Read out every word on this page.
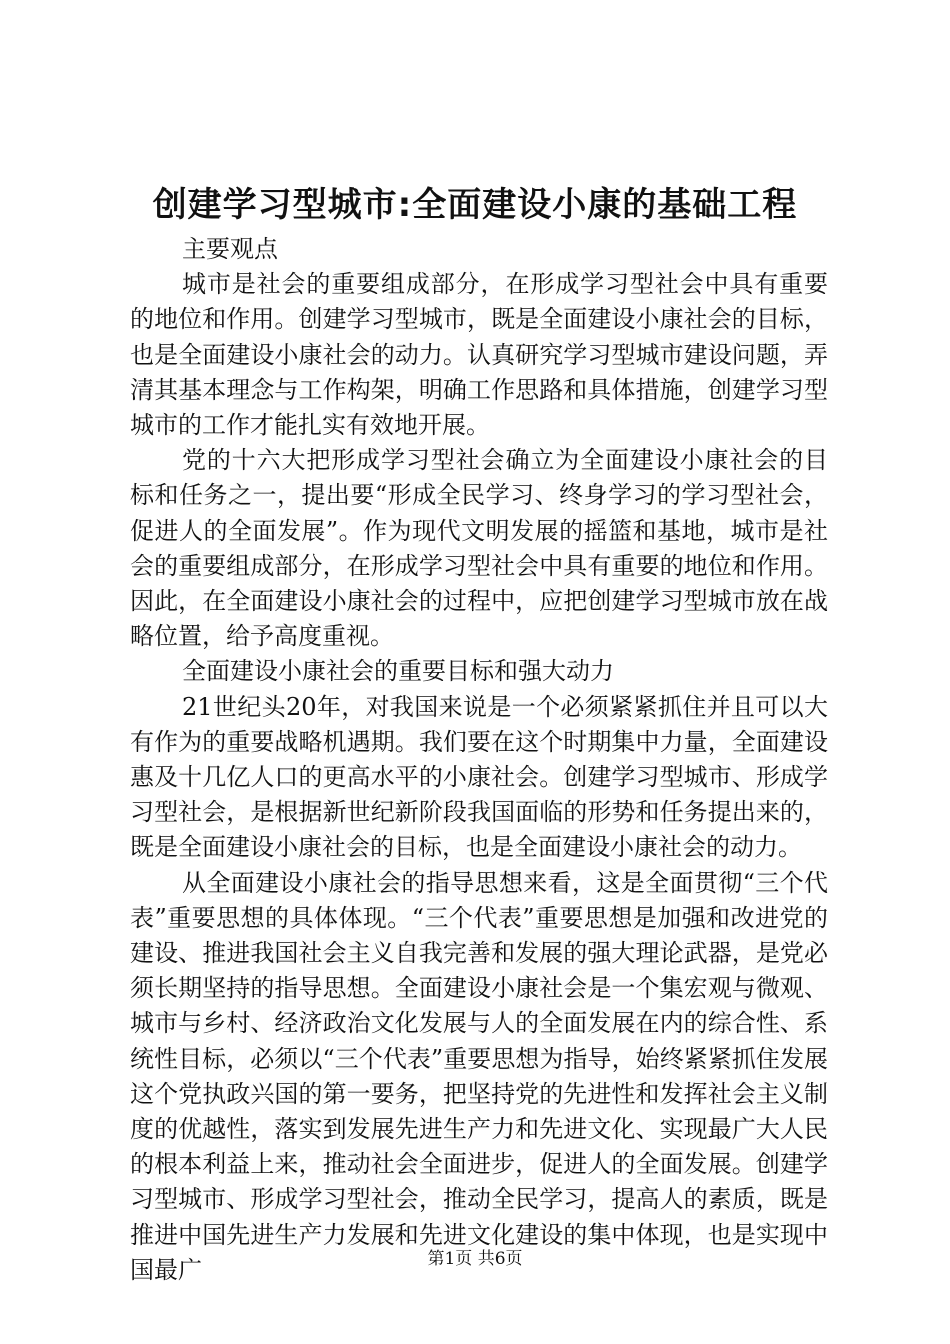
创建学习型城市:全面建设小康的基础工程

主要观点

城市是社会的重要组成部分，在形成学习型社会中具有重要的地位和作用。创建学习型城市，既是全面建设小康社会的目标，也是全面建设小康社会的动力。认真研究学习型城市建设问题，弄清其基本理念与工作构架，明确工作思路和具体措施，创建学习型城市的工作才能扎实有效地开展。

党的十六大把形成学习型社会确立为全面建设小康社会的目标和任务之一，提出要“形成全民学习、终身学习的学习型社会，促进人的全面发展”。作为现代文明发展的摇篮和基地，城市是社会的重要组成部分，在形成学习型社会中具有重要的地位和作用。因此，在全面建设小康社会的过程中，应把创建学习型城市放在战略位置，给予高度重视。

全面建设小康社会的重要目标和强大动力

21世纪头20年，对我国来说是一个必须紧紧抓住并且可以大有作为的重要战略机遇期。我们要在这个时期集中力量，全面建设惠及十几亿人口的更高水平的小康社会。创建学习型城市、形成学习型社会，是根据新世纪新阶段我国面临的形势和任务提出来的，既是全面建设小康社会的目标，也是全面建设小康社会的动力。

从全面建设小康社会的指导思想来看，这是全面贯彻“三个代表”重要思想的具体体现。“三个代表”重要思想是加强和改进党的建设、推进我国社会主义自我完善和发展的强大理论武器，是党必须长期坚持的指导思想。全面建设小康社会是一个集宏观与微观、城市与乡村、经济政治文化发展与人的全面发展在内的综合性、系统性目标，必须以“三个代表”重要思想为指导，始终紧紧抓住发展这个党执政兴国的第一要务，把坚持党的先进性和发挥社会主义制度的优越性，落实到发展先进生产力和先进文化、实现最广大人民的根本利益上来，推动社会全面进步，促进人的全面发展。创建学习型城市、形成学习型社会，推动全民学习，提高人的素质，既是推进中国先进生产力发展和先进文化建设的集中体现，也是实现中国最广	第1页 共6页
